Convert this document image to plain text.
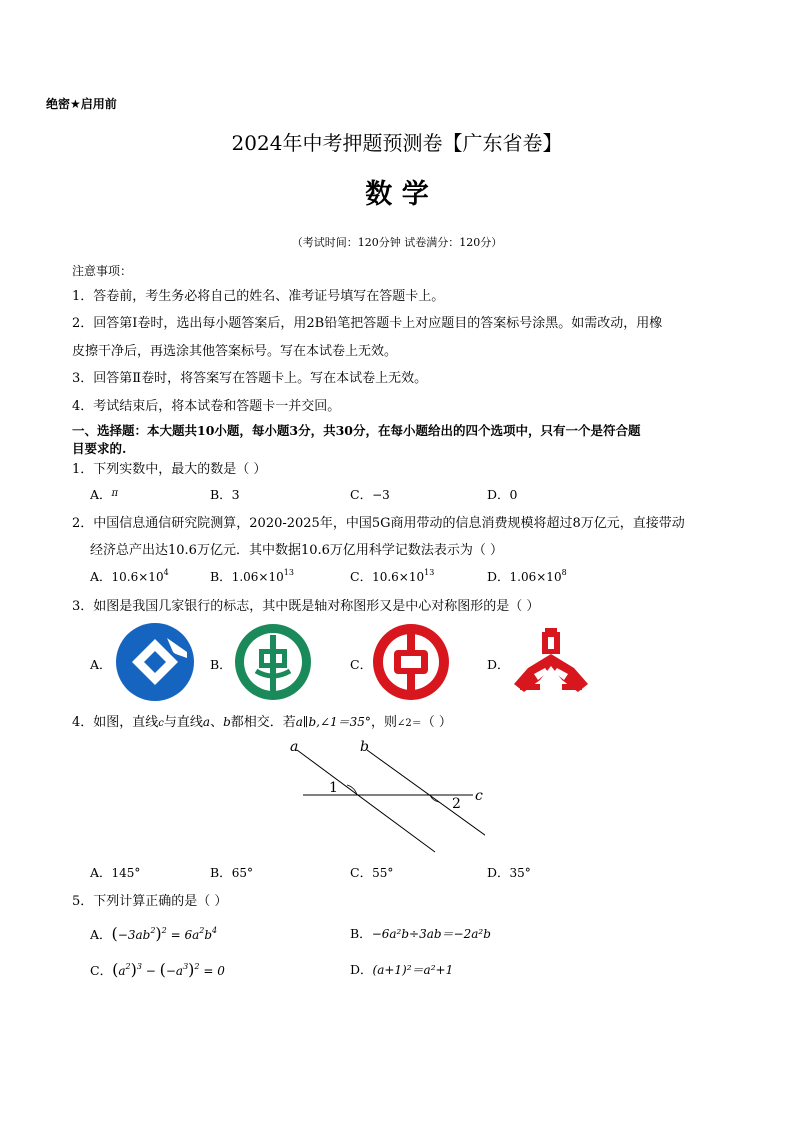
绝密★启用前
2024年中考押题预测卷【广东省卷】
数 学
（考试时间：120分钟 试卷满分：120分）
注意事项：
1．答卷前，考生务必将自己的姓名、准考证号填写在答题卡上。
2．回答第Ⅰ卷时，选出每小题答案后，用2B铅笔把答题卡上对应题目的答案标号涂黑。如需改动，用橡
皮擦干净后，再选涂其他答案标号。写在本试卷上无效。
3．回答第Ⅱ卷时，将答案写在答题卡上。写在本试卷上无效。
4．考试结束后，将本试卷和答题卡一并交回。
一、选择题：本大题共10小题，每小题3分，共30分，在每小题给出的四个选项中，只有一个是符合题
目要求的.
1．下列实数中，最大的数是（ ）
A．$^\pi$	B．3	C．−3	D．0
2．中国信息通信研究院测算，2020-2025年，中国5G商用带动的信息消费规模将超过8万亿元，直接带动
经济总产出达10.6万亿元．其中数据10.6万亿用科学记数法表示为（ ）
A．$10.6\times 10^4$	B．$1.06\times 10^{13}$	C．$10.6\times 10^{13}$	D．$1.06\times 10^8$
3．如图是我国几家银行的标志，其中既是轴对称图形又是中心对称图形的是（ ）
A．	B．	C．	D．
4．如图，直线c与直线a、b都相交．若a∥b,∠1＝35°，则∠2＝（ ）
a	b
c
1
2
A．145°	B．65°	C．55°	D．35°
5．下列计算正确的是（ ）
A．$(-3ab^2)^2 = 6a^2b^4$	B．−6a²b÷3ab＝−2a²b
C．$(a^2)^3 - (-a^3)^2 = 0$	D．(a+1)²＝a²+1
